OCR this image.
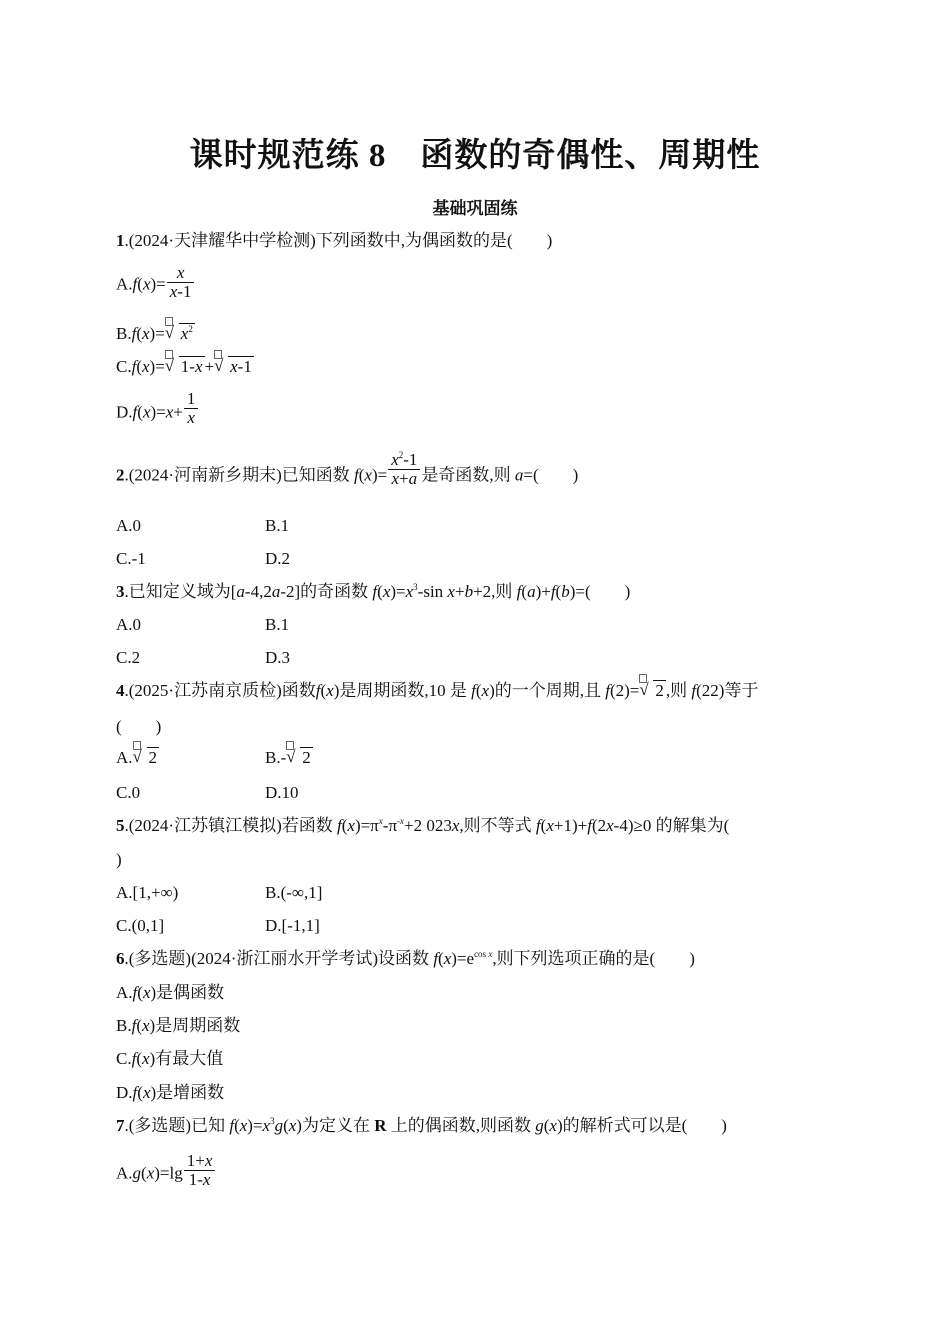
课时规范练 8　函数的奇偶性、周期性
基础巩固练
1.(2024·天津耀华中学检测)下列函数中,为偶函数的是(  )
$A.f(x)= \frac{x}{x-1}$
B.f(x)= √ $x^2$
C.f(x)= √ 1-x + √ x-1
$D.f(x)=x+ \frac{1}{x}$
2.(2024·河南新乡期末)已知函数 $f(x)= \frac{x^2-1}{x+a}$ 是奇函数,则 a=(  )
A.0	B.1
C.-1	D.2
3.已知定义域为[a-4,2a-2]的奇函数 $f(x)=x^3-\sin$ x+b+2,则 f(a)+f(b)=(  )
A.0	B.1
C.2	D.3
4.(2025·江苏南京质检)函数f(x)是周期函数,10 是 f(x)的一个周期,且 f(2)= √ 2 ,则 f(22)等于
(  )
A. √ 2	B.- √ 2
C.0	D.10
5.(2024·江苏镇江模拟)若函数 $f(x)=\pi^x-\pi^{-x}+2$ 023x,则不等式 f(x+1)+f(2x-4)≥0 的解集为(
)
A.[1,+∞)	B.(-∞,1]
C.(0,1]	D.[-1,1]
6.(多选题)(2024·浙江丽水开学考试)设函数 $f(x)=e^{cos x}$,则下列选项正确的是(  )
A.f(x)是偶函数
B.f(x)是周期函数
C.f(x)有最大值
D.f(x)是增函数
7.(多选题)已知 $f(x)=x^3g(x)$为定义在 R 上的偶函数,则函数 g(x)的解析式可以是(  )
$A.g(x)=\lg \frac{1+x}{1-x}$
